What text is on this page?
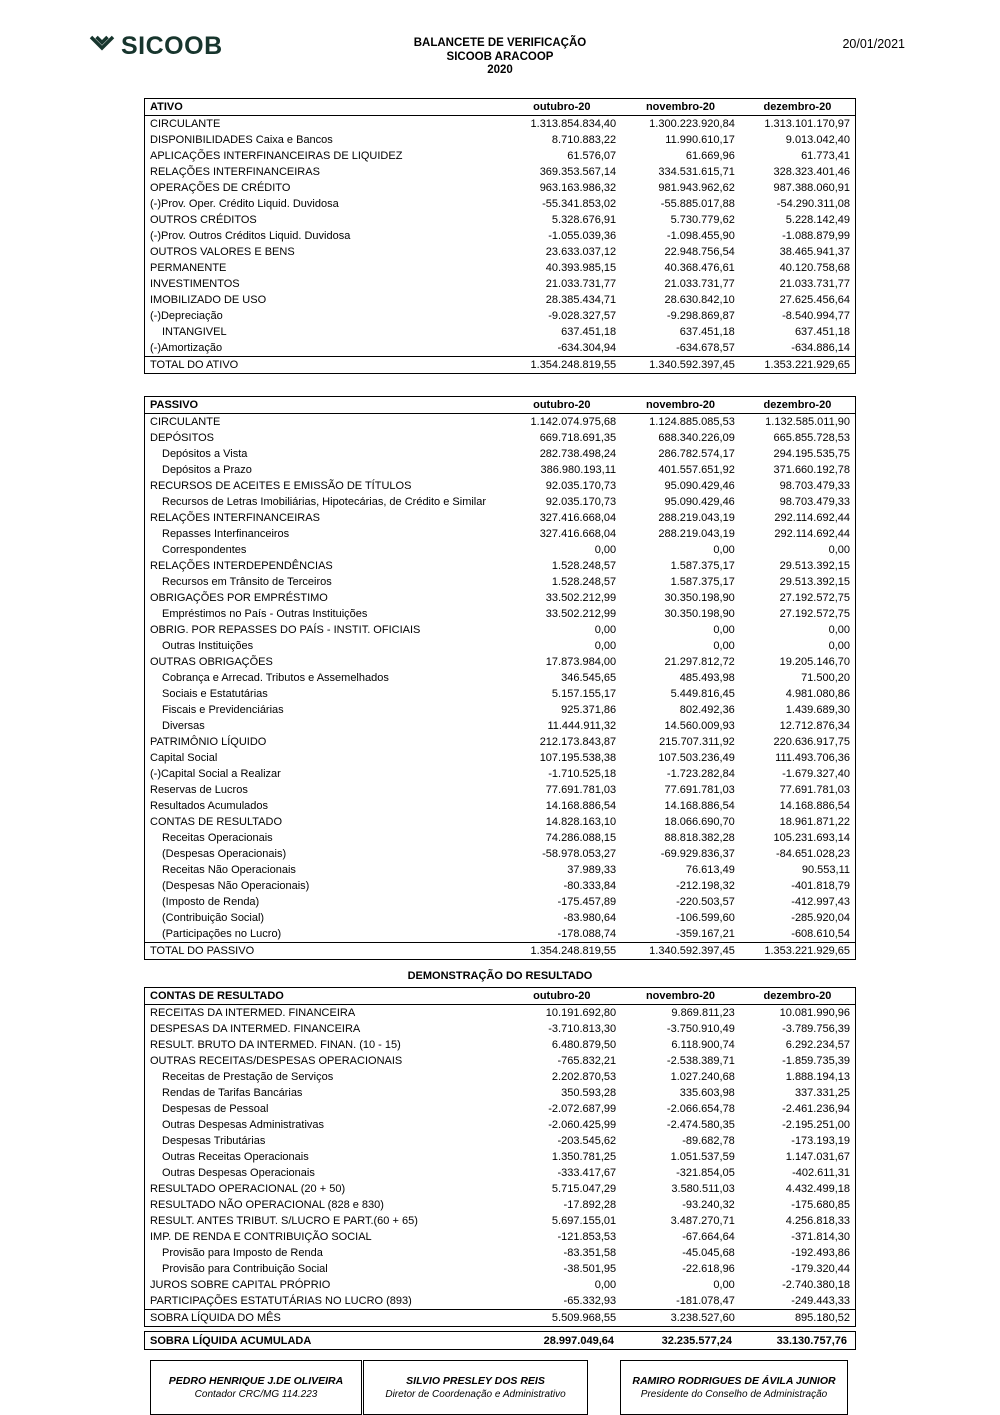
SICOOB	BALANCETE DE VERIFICAÇÃO
SICOOB ARACOOP
2020
20/01/2021
ATIVO	outubro-20	novembro-20	dezembro-20
CIRCULANTE	1.313.854.834,40	1.300.223.920,84	1.313.101.170,97
DISPONIBILIDADES Caixa e Bancos	8.710.883,22	11.990.610,17	9.013.042,40
APLICAÇÕES INTERFINANCEIRAS DE LIQUIDEZ	61.576,07	61.669,96	61.773,41
RELAÇÕES INTERFINANCEIRAS	369.353.567,14	334.531.615,71	328.323.401,46
OPERAÇÕES DE CRÉDITO	963.163.986,32	981.943.962,62	987.388.060,91
(-)Prov. Oper. Crédito Liquid. Duvidosa	-55.341.853,02	-55.885.017,88	-54.290.311,08
OUTROS CRÉDITOS	5.328.676,91	5.730.779,62	5.228.142,49
(-)Prov. Outros Créditos Liquid. Duvidosa	-1.055.039,36	-1.098.455,90	-1.088.879,99
OUTROS VALORES E BENS	23.633.037,12	22.948.756,54	38.465.941,37
PERMANENTE	40.393.985,15	40.368.476,61	40.120.758,68
INVESTIMENTOS	21.033.731,77	21.033.731,77	21.033.731,77
IMOBILIZADO DE USO	28.385.434,71	28.630.842,10	27.625.456,64
(-)Depreciação	-9.028.327,57	-9.298.869,87	-8.540.994,77
INTANGIVEL	637.451,18	637.451,18	637.451,18
(-)Amortização	-634.304,94	-634.678,57	-634.886,14
TOTAL DO ATIVO	1.354.248.819,55	1.340.592.397,45	1.353.221.929,65
PASSIVO	outubro-20	novembro-20	dezembro-20
CIRCULANTE	1.142.074.975,68	1.124.885.085,53	1.132.585.011,90
DEPÓSITOS	669.718.691,35	688.340.226,09	665.855.728,53
Depósitos a Vista	282.738.498,24	286.782.574,17	294.195.535,75
Depósitos a Prazo	386.980.193,11	401.557.651,92	371.660.192,78
RECURSOS DE ACEITES E EMISSÃO DE TÍTULOS	92.035.170,73	95.090.429,46	98.703.479,33
Recursos de Letras Imobiliárias, Hipotecárias, de Crédito e Similar	92.035.170,73	95.090.429,46	98.703.479,33
RELAÇÕES INTERFINANCEIRAS	327.416.668,04	288.219.043,19	292.114.692,44
Repasses Interfinanceiros	327.416.668,04	288.219.043,19	292.114.692,44
Correspondentes	0,00	0,00	0,00
RELAÇÕES INTERDEPENDÊNCIAS	1.528.248,57	1.587.375,17	29.513.392,15
Recursos em Trânsito de Terceiros	1.528.248,57	1.587.375,17	29.513.392,15
OBRIGAÇÕES POR EMPRÉSTIMO	33.502.212,99	30.350.198,90	27.192.572,75
Empréstimos no País - Outras Instituições	33.502.212,99	30.350.198,90	27.192.572,75
OBRIG. POR REPASSES DO PAÍS - INSTIT. OFICIAIS	0,00	0,00	0,00
Outras Instituições	0,00	0,00	0,00
OUTRAS OBRIGAÇÕES	17.873.984,00	21.297.812,72	19.205.146,70
Cobrança e Arrecad. Tributos e Assemelhados	346.545,65	485.493,98	71.500,20
Sociais e Estatutárias	5.157.155,17	5.449.816,45	4.981.080,86
Fiscais e Previdenciárias	925.371,86	802.492,36	1.439.689,30
Diversas	11.444.911,32	14.560.009,93	12.712.876,34
PATRIMÔNIO LÍQUIDO	212.173.843,87	215.707.311,92	220.636.917,75
Capital Social	107.195.538,38	107.503.236,49	111.493.706,36
(-)Capital Social a Realizar	-1.710.525,18	-1.723.282,84	-1.679.327,40
Reservas de Lucros	77.691.781,03	77.691.781,03	77.691.781,03
Resultados Acumulados	14.168.886,54	14.168.886,54	14.168.886,54
CONTAS DE RESULTADO	14.828.163,10	18.066.690,70	18.961.871,22
Receitas Operacionais	74.286.088,15	88.818.382,28	105.231.693,14
(Despesas Operacionais)	-58.978.053,27	-69.929.836,37	-84.651.028,23
Receitas Não Operacionais	37.989,33	76.613,49	90.553,11
(Despesas Não Operacionais)	-80.333,84	-212.198,32	-401.818,79
(Imposto de Renda)	-175.457,89	-220.503,57	-412.997,43
(Contribuição Social)	-83.980,64	-106.599,60	-285.920,04
(Participações no Lucro)	-178.088,74	-359.167,21	-608.610,54
TOTAL DO PASSIVO	1.354.248.819,55	1.340.592.397,45	1.353.221.929,65
DEMONSTRAÇÃO DO RESULTADO
CONTAS DE RESULTADO	outubro-20	novembro-20	dezembro-20
RECEITAS DA INTERMED. FINANCEIRA	10.191.692,80	9.869.811,23	10.081.990,96
DESPESAS DA INTERMED. FINANCEIRA	-3.710.813,30	-3.750.910,49	-3.789.756,39
RESULT. BRUTO DA INTERMED. FINAN. (10 - 15)	6.480.879,50	6.118.900,74	6.292.234,57
OUTRAS RECEITAS/DESPESAS OPERACIONAIS	-765.832,21	-2.538.389,71	-1.859.735,39
Receitas de Prestação de Serviços	2.202.870,53	1.027.240,68	1.888.194,13
Rendas de Tarifas Bancárias	350.593,28	335.603,98	337.331,25
Despesas de Pessoal	-2.072.687,99	-2.066.654,78	-2.461.236,94
Outras Despesas Administrativas	-2.060.425,99	-2.474.580,35	-2.195.251,00
Despesas Tributárias	-203.545,62	-89.682,78	-173.193,19
Outras Receitas Operacionais	1.350.781,25	1.051.537,59	1.147.031,67
Outras Despesas Operacionais	-333.417,67	-321.854,05	-402.611,31
RESULTADO OPERACIONAL (20 + 50)	5.715.047,29	3.580.511,03	4.432.499,18
RESULTADO NÃO OPERACIONAL (828 e 830)	-17.892,28	-93.240,32	-175.680,85
RESULT. ANTES TRIBUT. S/LUCRO E PART.(60 + 65)	5.697.155,01	3.487.270,71	4.256.818,33
IMP. DE RENDA E CONTRIBUIÇÃO SOCIAL	-121.853,53	-67.664,64	-371.814,30
Provisão para Imposto de Renda	-83.351,58	-45.045,68	-192.493,86
Provisão para Contribuição Social	-38.501,95	-22.618,96	-179.320,44
JUROS SOBRE CAPITAL PRÓPRIO	0,00	0,00	-2.740.380,18
PARTICIPAÇÕES ESTATUTÁRIAS NO LUCRO (893)	-65.332,93	-181.078,47	-249.443,33
SOBRA LÍQUIDA DO MÊS	5.509.968,55	3.238.527,60	895.180,52
SOBRA LÍQUIDA ACUMULADA	28.997.049,64	32.235.577,24	33.130.757,76
PEDRO HENRIQUE J.DE OLIVEIRA
Contador CRC/MG 114.223
SILVIO PRESLEY DOS REIS
Diretor de Coordenação e Administrativo
RAMIRO RODRIGUES DE ÁVILA JUNIOR
Presidente do Conselho de Administração
